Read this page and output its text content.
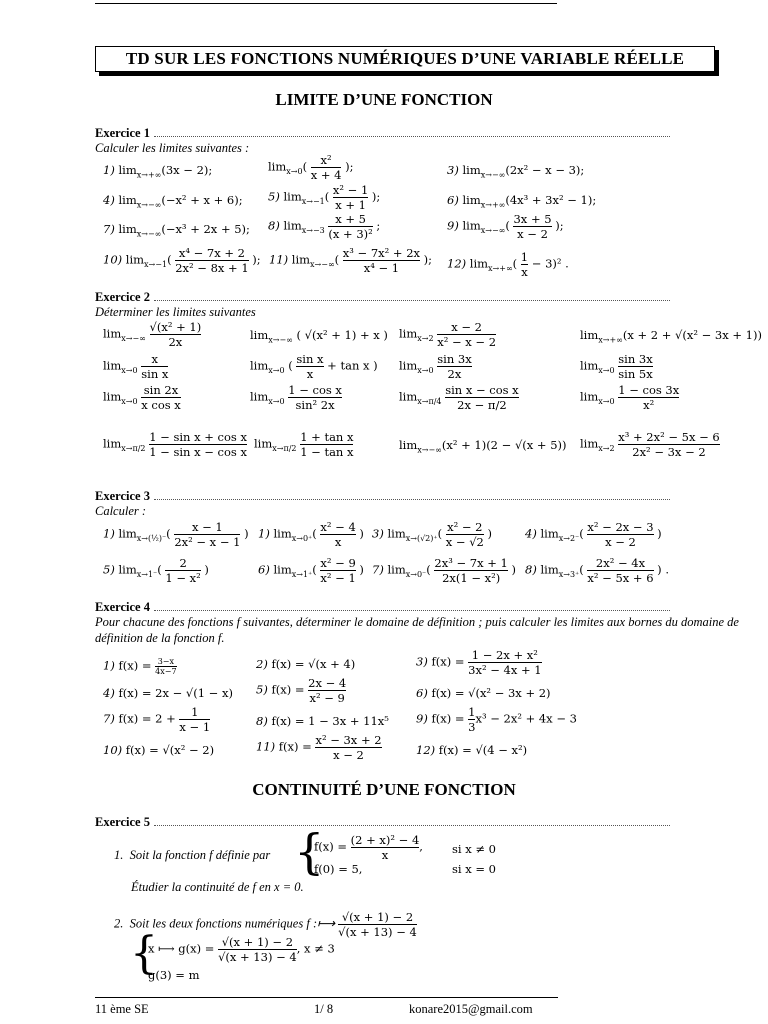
TD SUR LES FONCTIONS NUMÉRIQUES D’UNE VARIABLE RÉELLE
LIMITE D’UNE FONCTION
Exercice 1
Calculer les limites suivantes :
1) $\lim_{x\to+\infty}(3x - 2)$;	$\lim_{x\to 0}( \frac{\text{x²}}{x + 4}$ );	3) $\lim_{x\to-\infty}(2x^2 - x - 3)$;
4) $\lim_{x\to-\infty}(-x^2 + x + 6)$; 5) $\lim_{x\to-1}( \frac{\text{x² − 1}}{x + 1}$ );	6) $\lim_{x\to+\infty}(4x^3 + 3x^2 - 1)$;
7) $\lim_{x\to-\infty}(-x^3 + 2x + 5)$; 8) $\lim_{x\to-3} \frac{x + 5}{\text{(x + 3)²}}$ ;	9) $\lim_{x\to-\infty}( \frac{3x + 5}{x - 2}$ );
10) $\lim_{x\to-1}( \frac{\text{x⁴ − 7x + 2}}{\text{2x² − 8x + 1}}$ ); 11) $\lim_{x\to-\infty}( \frac{\text{x³ − 7x² + 2x}}{\text{x⁴ − 1}}$ ); 12) $\lim_{x\to+\infty}( \frac{1}{x} - 3)^2$ .
Exercice 2
Déterminer les limites suivantes
$\lim_{x\to-\infty} \frac{\text{√(x² + 1)}}{2x}$	$\lim_{x\to-\infty}$ ( √(x² + 1) + x ) $\lim_{x\to 2} \frac{x - 2}{\text{x² − x − 2}}$	$\lim_{x\to+\infty}(x + 2 + √(x^2 - 3x + 1))$
$\lim_{x\to 0} \frac{x}{\text{sin x}}$	$\lim_{x\to 0}$ ( $\frac{\text{sin x}}{x} + \tan x$ ) $\lim_{x\to 0} \frac{\sin 3x}{2x}$	$\lim_{x\to 0} \frac{\sin 3x}{\sin 5x}$
$\lim_{x\to 0} \frac{\sin 2x}{\text{x cos x}}$	$\lim_{x\to 0} \frac{\text{1 − cos x}}{\text{sin² 2x}}$	$\lim_{x\to\pi/4} \frac{\text{sin x − cos x}}{2x - \pi/2}$	$\lim_{x\to 0} \frac{1 - \cos 3x}{\text{x²}}$
$\lim_{x\to\pi/2} \frac{\text{1 − sin x + cos x}}{\text{1 − sin x − cos x}} \lim_{x\to\pi/2} \frac{\text{1 + tan x}}{\text{1 − tan x}}$	$\lim_{x\to-\infty}(x^2 + 1)(2 - √(x + 5))$ $\lim_{x\to 2} \frac{\text{x³ + 2x² − 5x − 6}}{\text{2x² − 3x − 2}}$
Exercice 3
Calculer :
1) $\lim_{x\to(\frac{1}{2})^-}( \frac{x - 1}{\text{2x² − x − 1}}$ ) 1) $\lim_{x\to 0^+}( \frac{\text{x² − 4}}{x}$ ) 3) $\lim_{x\to(√2)^+}( \frac{\text{x² − 2}}{x - √2}$ )	4) $\lim_{x\to 2^-}( \frac{\text{x² − 2x − 3}}{x - 2}$ )
5) $\lim_{x\to 1^-}( \frac{2}{\text{1 − x²}}$ )	6) $\lim_{x\to 1^+}( \frac{\text{x² − 9}}{\text{x² − 1}}$ ) 7) $\lim_{x\to 0^-}( \frac{\text{2x³ − 7x + 1}}{\text{2x(1 − x²)}}$ ) 8) $\lim_{x\to 3^+}( \frac{\text{2x² − 4x}}{\text{x² − 5x + 6}}$ ) .
Exercice 4
Pour chacune des fonctions f suivantes, déterminer le domaine de définition ; puis calculer les limites aux bornes du domaine de définition de la fonction f.
1) $f(x) = \frac{3-x}{4x-7}$	2) f(x) = √(x + 4)	3) $f(x) = \frac{\text{1 − 2x + x²}}{\text{3x² − 4x + 1}}$
4) f(x) = 2x − √(1 − x) 5) $f(x) = \frac{2x - 4}{\text{x² − 9}}$	6) f(x) = √(x² − 3x + 2)
7) $f(x) = 2 + \frac{1}{x - 1}$	8) f(x) = 1 − 3x + 11x⁵ 9) $f(x) = \frac{1}{3} x^3 - 2x^2 + 4x - 3$
10) f(x) = √(x² − 2)	11) $f(x) = \frac{\text{x² − 3x + 2}}{x - 2}$	12) f(x) = √(4 − x²)
CONTINUITÉ D’UNE FONCTION
Exercice 5
1.  Soit la fonction f définie par {
$f(x) = \frac{\text{(2 + x)² − 4}}{x}$ ,	si x ≠ 0
f(0) = 5,	si x = 0
Étudier la continuité de f en x = 0.
2.  Soit les deux fonctions numériques f :⟼ $\frac{√(x + 1) - 2}{√(x + 13) - 4}$
{
x ⟼ $g(x) = \frac{√(x + 1) - 2}{√(x + 13) - 4}$ , x ≠ 3
g(3) = m
11 ème SE	1/ 8	konare2015@gmail.com
